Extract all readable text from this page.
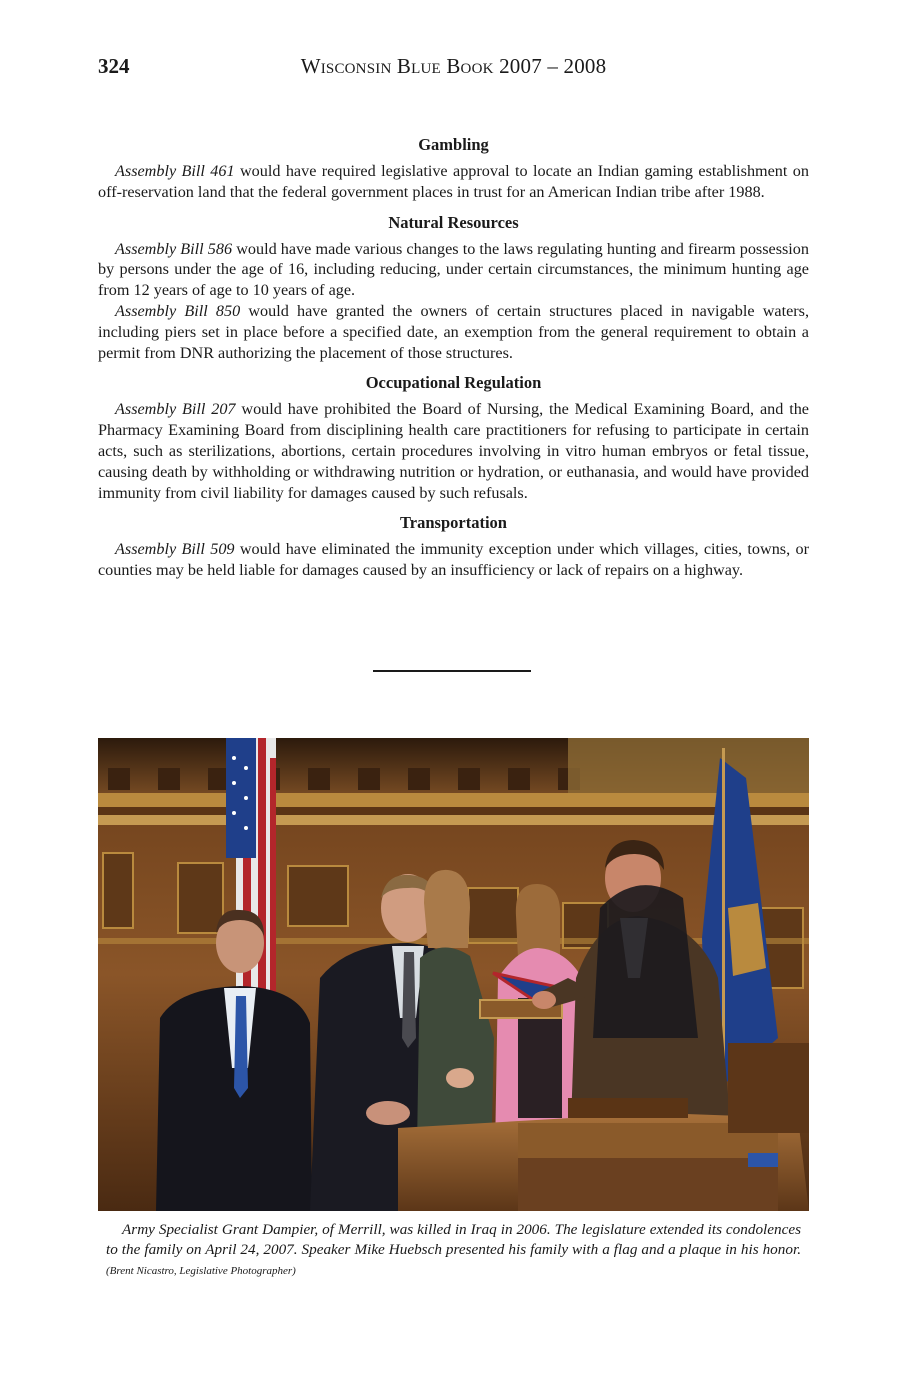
324	Wisconsin Blue Book 2007 – 2008
Gambling

Assembly Bill 461 would have required legislative approval to locate an Indian gaming establishment on off-reservation land that the federal government places in trust for an American Indian tribe after 1988.

Natural Resources

Assembly Bill 586 would have made various changes to the laws regulating hunting and firearm possession by persons under the age of 16, including reducing, under certain circumstances, the minimum hunting age from 12 years of age to 10 years of age.

Assembly Bill 850 would have granted the owners of certain structures placed in navigable waters, including piers set in place before a specified date, an exemption from the general requirement to obtain a permit from DNR authorizing the placement of those structures.

Occupational Regulation

Assembly Bill 207 would have prohibited the Board of Nursing, the Medical Examining Board, and the Pharmacy Examining Board from disciplining health care practitioners for refusing to participate in certain acts, such as sterilizations, abortions, certain procedures involving in vitro human embryos or fetal tissue, causing death by withholding or withdrawing nutrition or hydration, or euthanasia, and would have provided immunity from civil liability for damages caused by such refusals.

Transportation

Assembly Bill 509 would have eliminated the immunity exception under which villages, cities, towns, or counties may be held liable for damages caused by an insufficiency or lack of repairs on a highway.

Army Specialist Grant Dampier, of Merrill, was killed in Iraq in 2006. The legislature extended its condolences to the family on April 24, 2007. Speaker Mike Huebsch presented his family with a flag and a plaque in his honor. (Brent Nicastro, Legislative Photographer)
